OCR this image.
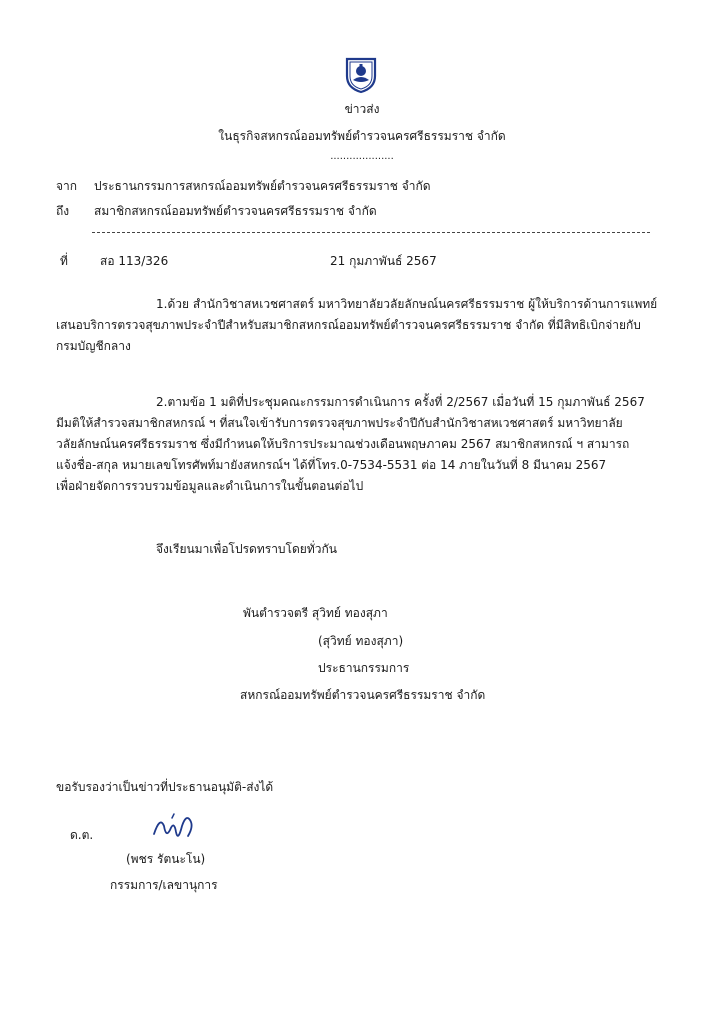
ข่าวส่ง
ในธุรกิจสหกรณ์ออมทรัพย์ตำรวจนครศรีธรรมราช จำกัด
....................
จาก ประธานกรรมการสหกรณ์ออมทรัพย์ตำรวจนครศรีธรรมราช จำกัด
ถึง สมาชิกสหกรณ์ออมทรัพย์ตำรวจนครศรีธรรมราช จำกัด
ที่	สอ 113/326	21 กุมภาพันธ์ 2567
1.ด้วย สำนักวิชาสหเวชศาสตร์ มหาวิทยาลัยวลัยลักษณ์นครศรีธรรมราช ผู้ให้บริการด้านการแพทย์
เสนอบริการตรวจสุขภาพประจำปีสำหรับสมาชิกสหกรณ์ออมทรัพย์ตำรวจนครศรีธรรมราช จำกัด ที่มีสิทธิเบิกจ่ายกับ
กรมบัญชีกลาง
2.ตามข้อ 1 มติที่ประชุมคณะกรรมการดำเนินการ ครั้งที่ 2/2567 เมื่อวันที่ 15 กุมภาพันธ์ 2567
มีมติให้สำรวจสมาชิกสหกรณ์ ฯ ที่สนใจเข้ารับการตรวจสุขภาพประจำปีกับสำนักวิชาสหเวชศาสตร์ มหาวิทยาลัย
วลัยลักษณ์นครศรีธรรมราช ซึ่งมีกำหนดให้บริการประมาณช่วงเดือนพฤษภาคม 2567 สมาชิกสหกรณ์ ฯ สามารถ
แจ้งชื่อ-สกุล หมายเลขโทรศัพท์มายังสหกรณ์ฯ ได้ที่โทร.0-7534-5531 ต่อ 14 ภายในวันที่ 8 มีนาคม 2567
เพื่อฝ่ายจัดการรวบรวมข้อมูลและดำเนินการในขั้นตอนต่อไป
จึงเรียนมาเพื่อโปรดทราบโดยทั่วกัน
พันตำรวจตรี สุวิทย์ ทองสุภา
(สุวิทย์ ทองสุภา)
ประธานกรรมการ
สหกรณ์ออมทรัพย์ตำรวจนครศรีธรรมราช จำกัด
ขอรับรองว่าเป็นข่าวที่ประธานอนุมัติ-ส่งได้
ด.ต.
(พชร รัตนะโน)
กรรมการ/เลขานุการ
